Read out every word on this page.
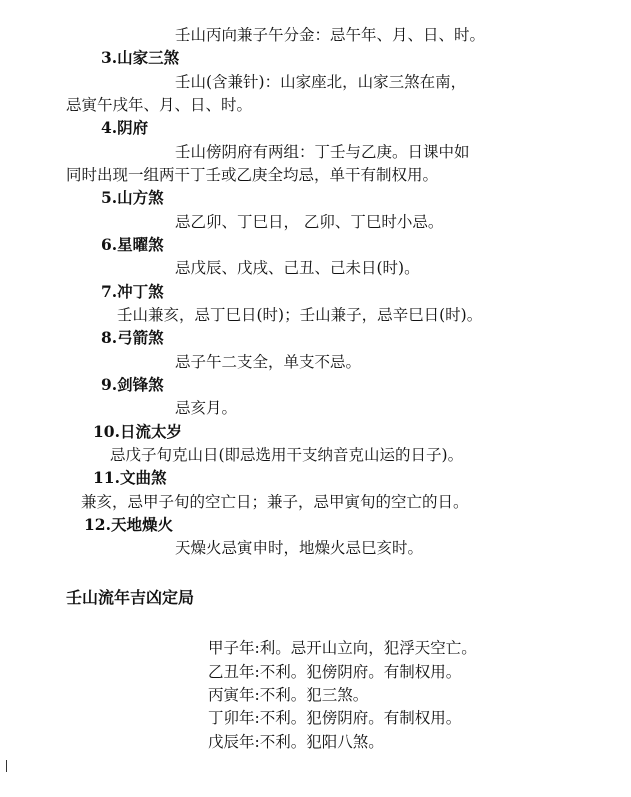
壬山丙向兼子午分金：忌午年、月、日、时。
3.山家三煞
壬山(含兼针)：山家座北，山家三煞在南，
忌寅午戌年、月、日、时。
4.阴府
壬山傍阴府有两组：丁壬与乙庚。日课中如
同时出现一组两干丁壬或乙庚全均忌，单干有制权用。
5.山方煞
忌乙卯、丁巳日， 乙卯、丁巳时小忌。
6.星曜煞
忌戊辰、戊戌、己丑、己未日(时)。
7.冲丁煞
壬山兼亥，忌丁巳日(时)；壬山兼子，忌辛巳日(时)。
8.弓箭煞
忌子午二支全，单支不忌。
9.剑锋煞
忌亥月。
10.日流太岁
忌戊子旬克山日(即忌选用干支纳音克山运的日子)。
11.文曲煞
兼亥，忌甲子旬的空亡日；兼子，忌甲寅旬的空亡的日。
12.天地燥火
天燥火忌寅申时，地燥火忌巳亥时。
壬山流年吉凶定局
甲子年:利。忌开山立向，犯浮天空亡。
乙丑年:不利。犯傍阴府。有制权用。
丙寅年:不利。犯三煞。
丁卯年:不利。犯傍阴府。有制权用。
戊辰年:不利。犯阳八煞。
